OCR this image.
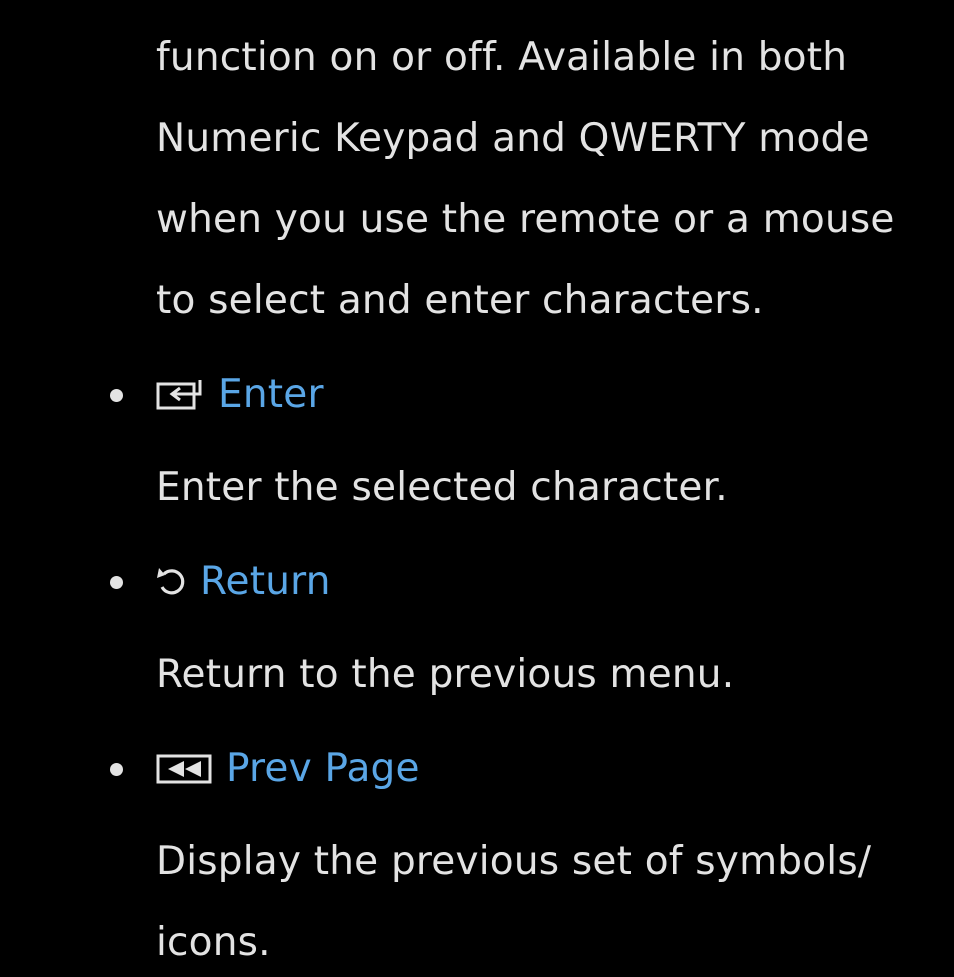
function on or off. Available in both
Numeric Keypad and QWERTY mode
when you use the remote or a mouse
to select and enter characters.
Enter
Enter the selected character.
Return
Return to the previous menu.
Prev Page
Display the previous set of symbols/
icons.
